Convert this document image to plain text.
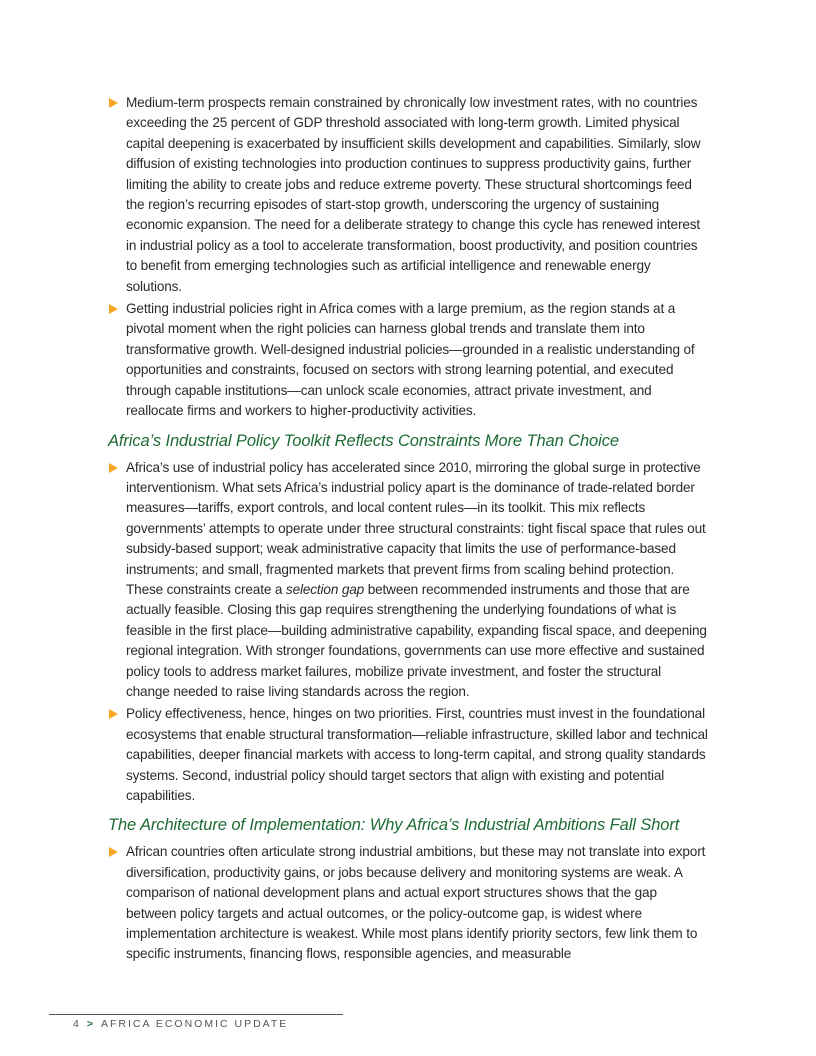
Medium-term prospects remain constrained by chronically low investment rates, with no countries exceeding the 25 percent of GDP threshold associated with long-term growth. Limited physical capital deepening is exacerbated by insufficient skills development and capabilities. Similarly, slow diffusion of existing technologies into production continues to suppress productivity gains, further limiting the ability to create jobs and reduce extreme poverty. These structural shortcomings feed the region’s recurring episodes of start-stop growth, underscoring the urgency of sustaining economic expansion. The need for a deliberate strategy to change this cycle has renewed interest in industrial policy as a tool to accelerate transformation, boost productivity, and position countries to benefit from emerging technologies such as artificial intelligence and renewable energy solutions.
Getting industrial policies right in Africa comes with a large premium, as the region stands at a pivotal moment when the right policies can harness global trends and translate them into transformative growth. Well-designed industrial policies—grounded in a realistic understanding of opportunities and constraints, focused on sectors with strong learning potential, and executed through capable institutions—can unlock scale economies, attract private investment, and reallocate firms and workers to higher-productivity activities.
Africa’s Industrial Policy Toolkit Reflects Constraints More Than Choice
Africa’s use of industrial policy has accelerated since 2010, mirroring the global surge in protective interventionism. What sets Africa’s industrial policy apart is the dominance of trade-related border measures—tariffs, export controls, and local content rules—in its toolkit. This mix reflects governments’ attempts to operate under three structural constraints: tight fiscal space that rules out subsidy-based support; weak administrative capacity that limits the use of performance-based instruments; and small, fragmented markets that prevent firms from scaling behind protection. These constraints create a selection gap between recommended instruments and those that are actually feasible. Closing this gap requires strengthening the underlying foundations of what is feasible in the first place—building administrative capability, expanding fiscal space, and deepening regional integration. With stronger foundations, governments can use more effective and sustained policy tools to address market failures, mobilize private investment, and foster the structural change needed to raise living standards across the region.
Policy effectiveness, hence, hinges on two priorities. First, countries must invest in the foundational ecosystems that enable structural transformation—reliable infrastructure, skilled labor and technical capabilities, deeper financial markets with access to long-term capital, and strong quality standards systems. Second, industrial policy should target sectors that align with existing and potential capabilities.
The Architecture of Implementation: Why Africa’s Industrial Ambitions Fall Short
African countries often articulate strong industrial ambitions, but these may not translate into export diversification, productivity gains, or jobs because delivery and monitoring systems are weak. A comparison of national development plans and actual export structures shows that the gap between policy targets and actual outcomes, or the policy-outcome gap, is widest where implementation architecture is weakest. While most plans identify priority sectors, few link them to specific instruments, financing flows, responsible agencies, and measurable
4 > AFRICA ECONOMIC UPDATE
